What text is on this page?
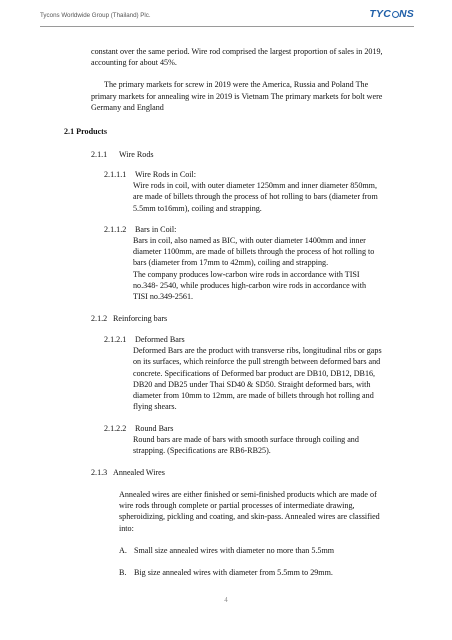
Tycons Worldwide Group (Thailand) Plc.	TYC NS
constant over the same period. Wire rod comprised the largest proportion of sales in 2019,
accounting for about 45%.
The primary markets for screw in 2019 were the America, Russia and Poland The
primary markets for annealing wire in 2019 is Vietnam The primary markets for bolt were
Germany and England
2.1 Products
2.1.1 Wire Rods
2.1.1.1 Wire Rods in Coil:
Wire rods in coil, with outer diameter 1250mm and inner diameter 850mm,
are made of billets through the process of hot rolling to bars (diameter from
5.5mm to16mm), coiling and strapping.
2.1.1.2 Bars in Coil:
Bars in coil, also named as BIC, with outer diameter 1400mm and inner
diameter 1100mm, are made of billets through the process of hot rolling to
bars (diameter from 17mm to 42mm), coiling and strapping.
The company produces low-carbon wire rods in accordance with TISI
no.348- 2540, while produces high-carbon wire rods in accordance with
TISI no.349-2561.
2.1.2 Reinforcing bars
2.1.2.1 Deformed Bars
Deformed Bars are the product with transverse ribs, longitudinal ribs or gaps
on its surfaces, which reinforce the pull strength between deformed bars and
concrete. Specifications of Deformed bar product are DB10, DB12, DB16,
DB20 and DB25 under Thai SD40 & SD50. Straight deformed bars, with
diameter from 10mm to 12mm, are made of billets through hot rolling and
flying shears.
2.1.2.2 Round Bars
Round bars are made of bars with smooth surface through coiling and
strapping. (Specifications are RB6-RB25).
2.1.3 Annealed Wires
Annealed wires are either finished or semi-finished products which are made of
wire rods through complete or partial processes of intermediate drawing,
spheroidizing, pickling and coating, and skin-pass. Annealed wires are classified
into:
A. Small size annealed wires with diameter no more than 5.5mm
B. Big size annealed wires with diameter from 5.5mm to 29mm.
4
